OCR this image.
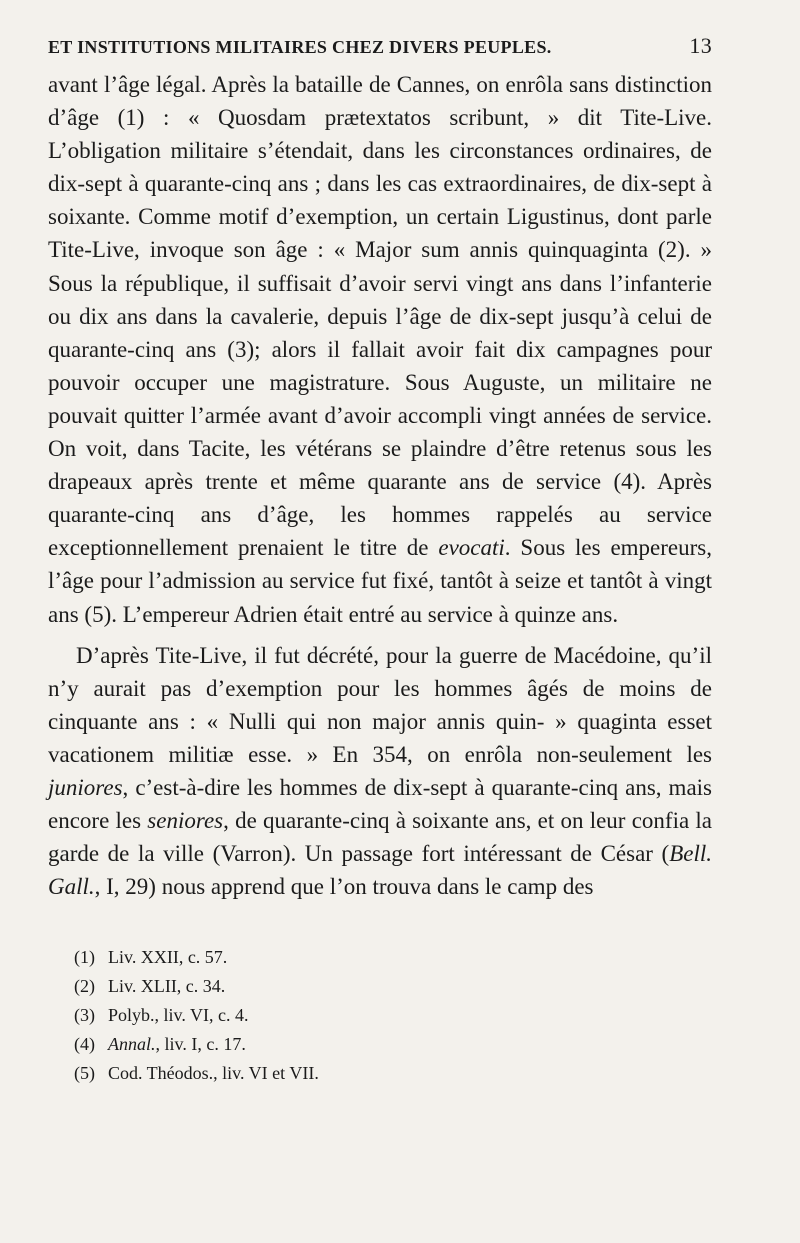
ET INSTITUTIONS MILITAIRES CHEZ DIVERS PEUPLES.	13

avant l’âge légal. Après la bataille de Cannes, on enrôla sans distinction d’âge (1) : « Quosdam prætextatos scribunt, » dit Tite-Live. L’obligation militaire s’étendait, dans les circonstances ordinaires, de dix-sept à quarante-cinq ans ; dans les cas extraordinaires, de dix-sept à soixante. Comme motif d’exemption, un certain Ligustinus, dont parle Tite-Live, invoque son âge : « Major sum annis quinquaginta (2). » Sous la république, il suffisait d’avoir servi vingt ans dans l’infanterie ou dix ans dans la cavalerie, depuis l’âge de dix-sept jusqu’à celui de quarante-cinq ans (3); alors il fallait avoir fait dix campagnes pour pouvoir occuper une magistrature. Sous Auguste, un militaire ne pouvait quitter l’armée avant d’avoir accompli vingt années de service. On voit, dans Tacite, les vétérans se plaindre d’être retenus sous les drapeaux après trente et même quarante ans de service (4). Après quarante-cinq ans d’âge, les hommes rappelés au service exceptionnellement prenaient le titre de evocati. Sous les empereurs, l’âge pour l’admission au service fut fixé, tantôt à seize et tantôt à vingt ans (5). L’empereur Adrien était entré au service à quinze ans.

D’après Tite-Live, il fut décrété, pour la guerre de Macédoine, qu’il n’y aurait pas d’exemption pour les hommes âgés de moins de cinquante ans : « Nulli qui non major annis quin- » quaginta esset vacationem militiæ esse. » En 354, on enrôla non-seulement les juniores, c’est-à-dire les hommes de dix-sept à quarante-cinq ans, mais encore les seniores, de quarante-cinq à soixante ans, et on leur confia la garde de la ville (Varron). Un passage fort intéressant de César (Bell. Gall., I, 29) nous apprend que l’on trouva dans le camp des

(1) Liv. XXII, c. 57.
(2) Liv. XLII, c. 34.
(3) Polyb., liv. VI, c. 4.
(4) Annal., liv. I, c. 17.
(5) Cod. Théodos., liv. VI et VII.
